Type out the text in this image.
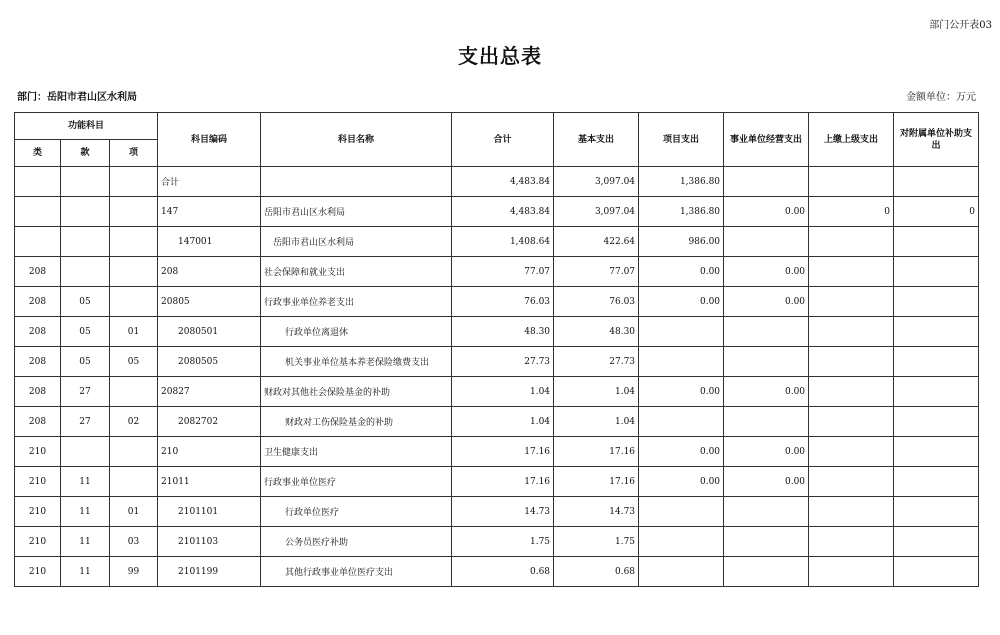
部门公开表03
支出总表
部门：岳阳市君山区水利局	金额单位：万元
功能科目			科目编码	科目名称	合计	基本支出	项目支出	事业单位经营支出	上缴上级支出	对附属单位补助支出
类	款	项								
			合计		4,483.84	3,097.04	1,386.80			
			147	岳阳市君山区水利局	4,483.84	3,097.04	1,386.80	0.00	0	0
			147001	岳阳市君山区水利局	1,408.64	422.64	986.00			
208			208	社会保障和就业支出	77.07	77.07	0.00	0.00		
208	05		20805	行政事业单位养老支出	76.03	76.03	0.00	0.00		
208	05	01	2080501	行政单位离退休	48.30	48.30				
208	05	05	2080505	机关事业单位基本养老保险缴费支出	27.73	27.73				
208	27		20827	财政对其他社会保险基金的补助	1.04	1.04	0.00	0.00		
208	27	02	2082702	财政对工伤保险基金的补助	1.04	1.04				
210			210	卫生健康支出	17.16	17.16	0.00	0.00		
210	11		21011	行政事业单位医疗	17.16	17.16	0.00	0.00		
210	11	01	2101101	行政单位医疗	14.73	14.73				
210	11	03	2101103	公务员医疗补助	1.75	1.75				
210	11	99	2101199	其他行政事业单位医疗支出	0.68	0.68				
